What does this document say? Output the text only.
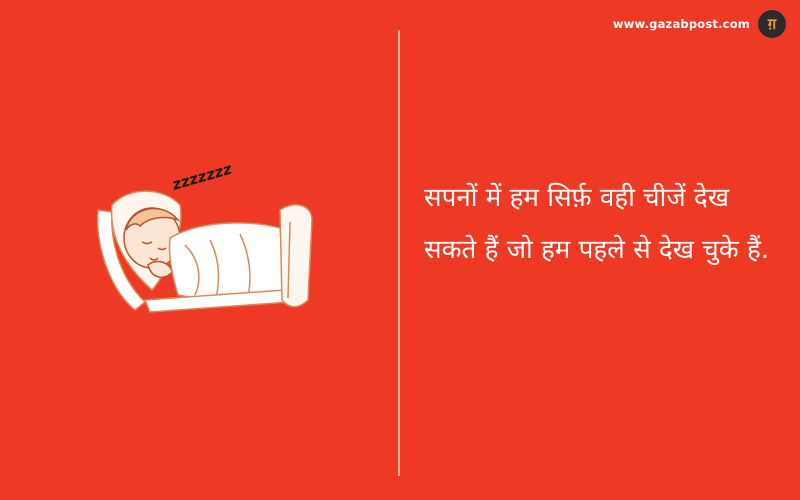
www.gazabpost.com	ग़
zzzzzzz

सपनों में हम सिर्फ़ वही चीजें देख सकते हैं जो हम पहले से देख चुके हैं.
